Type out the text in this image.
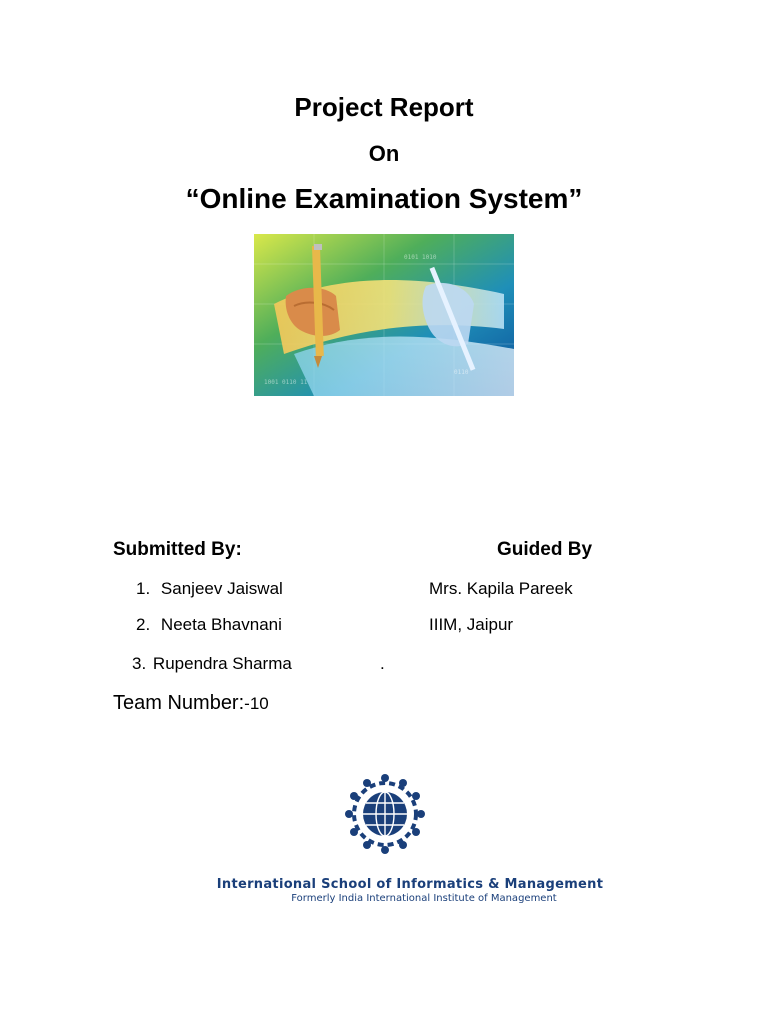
Project Report
On
“Online Examination System”
0101 1010
1001 0110 11
0110
Submitted By:	Guided By
1. Sanjeev Jaiswal
2. Neeta Bhavnani
3. Rupendra Sharma
Mrs. Kapila Pareek
IIIM, Jaipur
.
Team Number:-10
International School of Informatics & Management
Formerly India International Institute of Management
